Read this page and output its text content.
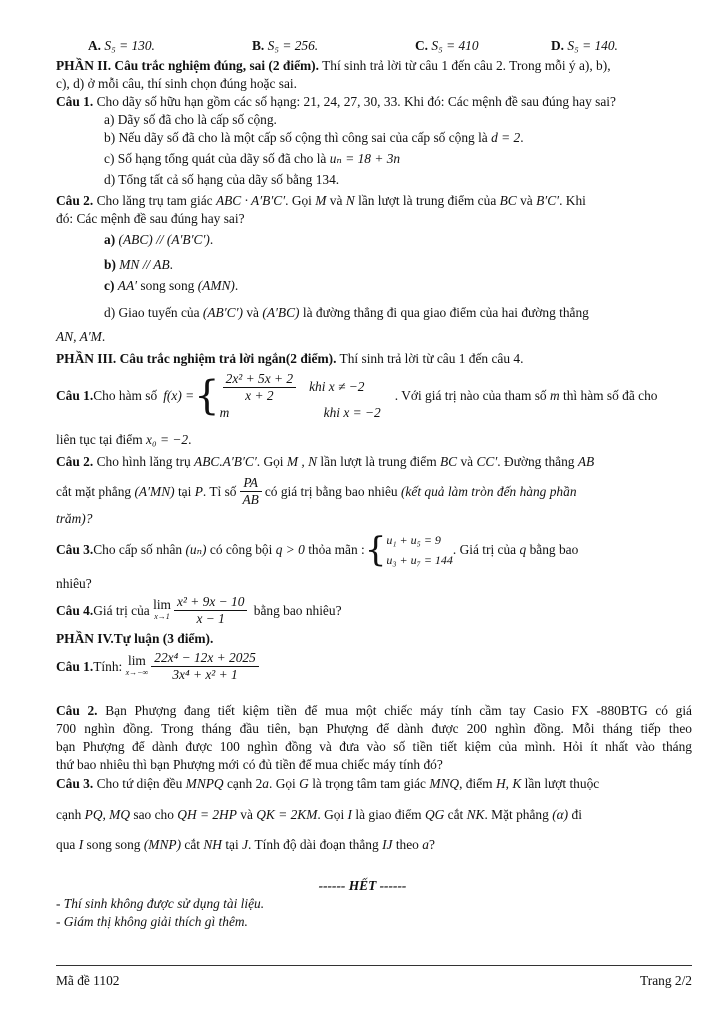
A. S₅ = 130.	B. S₅ = 256.	C. S₅ = 410	D. S₅ = 140.
PHẦN II. Câu trắc nghiệm đúng, sai (2 điểm). Thí sinh trả lời từ câu 1 đến câu 2. Trong mỗi ý a), b),
c), d) ở mỗi câu, thí sinh chọn đúng hoặc sai.
Câu 1. Cho dãy số hữu hạn gồm các số hạng: 21, 24, 27, 30, 33. Khi đó: Các mệnh đề sau đúng hay sai?
a) Dãy số đã cho là cấp số cộng.
b) Nếu dãy số đã cho là một cấp số cộng thì công sai của cấp số cộng là d = 2.
c) Số hạng tổng quát của dãy số đã cho là uₙ = 18 + 3n
d) Tổng tất cả số hạng của dãy số bằng 134.
Câu 2. Cho lăng trụ tam giác ABC · A′B′C′. Gọi M và N lần lượt là trung điểm của BC và B′C′. Khi
đó: Các mệnh đề sau đúng hay sai?
a) (ABC) // (A′B′C′).
b) MN // AB.
c) AA′ song song (AMN).
d) Giao tuyến của (AB′C′) và (A′BC) là đường thẳng đi qua giao điểm của hai đường thẳng
AN, A′M.
PHẦN III. Câu trắc nghiệm trả lời ngắn(2 điểm). Thí sinh trả lời từ câu 1 đến câu 4.
Câu 1. Cho hàm số f(x) = { $\frac{\text{2x² + 5x + 2}}{x + 2}$ khi x ≠ −2
m	khi x = −2
. Với giá trị nào của tham số
m
thì hàm số đã cho
liên tục tại điểm x₀ = −2.
Câu 2. Cho hình lăng trụ ABC.A′B′C′. Gọi M , N lần lượt là trung điểm BC và CC′. Đường thẳng AB
cắt mặt phẳng
(A′MN)
tại
P . Tỉ số $\frac{PA}{AB}$ có giá trị bằng bao nhiêu
(kết quả làm tròn đến hàng phần
trăm)?
Câu 3. Cho cấp số nhân
(uₙ)
có công bội
q > 0
thỏa mãn : { u₁ + u₅ = 9
u₃ + u₇ = 144
. Giá trị của
q
bằng bao
nhiêu?
Câu 4. Giá trị của
lim
$x\to 1 \frac{\text{x² + 9x − 10}}{x - 1}$
bằng bao nhiêu?
PHẦN IV.Tự luận (3 điểm).
Câu 1. Tính:
lim
$x\to-\infty \frac{\text{22x⁴ − 12x + 2025}}{\text{3x⁴ + x² + 1}}$
Câu 2. Bạn Phượng đang tiết kiệm tiền để mua một chiếc máy tính cầm tay Casio FX -880BTG có giá
700 nghìn đồng. Trong tháng đầu tiên, bạn Phượng để dành được 200 nghìn đồng. Mỗi tháng tiếp theo
bạn Phượng để dành được 100 nghìn đồng và đưa vào số tiền tiết kiệm của mình. Hỏi ít nhất vào tháng
thứ bao nhiêu thì bạn Phượng mới có đủ tiền để mua chiếc máy tính đó?
Câu 3. Cho tứ diện đều MNPQ cạnh 2a. Gọi G là trọng tâm tam giác MNQ, điểm H, K lần lượt thuộc
cạnh PQ, MQ sao cho QH = 2HP và QK = 2KM. Gọi I là giao điểm QG cắt NK. Mặt phẳng (α) đi
qua I song song (MNP) cắt NH tại J. Tính độ dài đoạn thẳng IJ theo a?
------ HẾT ------
- Thí sinh không được sử dụng tài liệu.
- Giám thị không giải thích gì thêm.
Mã đề 1102	Trang 2/2
